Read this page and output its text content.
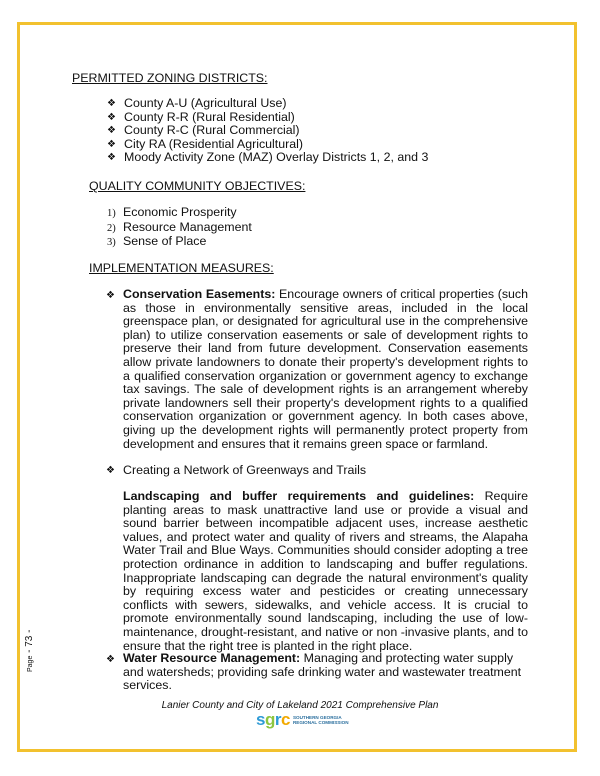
PERMITTED ZONING DISTRICTS:
❖ County A-U (Agricultural Use)
❖ County R-R (Rural Residential)
❖ County R-C (Rural Commercial)
❖ City RA (Residential Agricultural)
❖ Moody Activity Zone (MAZ) Overlay Districts 1, 2, and 3
QUALITY COMMUNITY OBJECTIVES:
1) Economic Prosperity
2) Resource Management
3) Sense of Place
IMPLEMENTATION MEASURES:
❖ Conservation Easements: Encourage owners of critical properties (such as those in environmentally sensitive areas, included in the local greenspace plan, or designated for agricultural use in the comprehensive plan) to utilize conservation easements or sale of development rights to preserve their land from future development. Conservation easements allow private landowners to donate their property's development rights to a qualified conservation organization or government agency to exchange tax savings. The sale of development rights is an arrangement whereby private landowners sell their property's development rights to a qualified conservation organization or government agency. In both cases above, giving up the development rights will permanently protect property from development and ensures that it remains green space or farmland.
❖ Creating a Network of Greenways and Trails
Landscaping and buffer requirements and guidelines: Require planting areas to mask unattractive land use or provide a visual and sound barrier between incompatible adjacent uses, increase aesthetic values, and protect water and quality of rivers and streams, the Alapaha Water Trail and Blue Ways. Communities should consider adopting a tree protection ordinance in addition to landscaping and buffer regulations. Inappropriate landscaping can degrade the natural environment's quality by requiring excess water and pesticides or creating unnecessary conflicts with sewers, sidewalks, and vehicle access. It is crucial to promote environmentally sound landscaping, including the use of low-maintenance, drought-resistant, and native or non -invasive plants, and to ensure that the right tree is planted in the right place.
❖ Water Resource Management: Managing and protecting water supply and watersheds; providing safe drinking water and wastewater treatment services.
Page - 73 -
Lanier County and City of Lakeland 2021 Comprehensive Plan
sgrc SOUTHERN GEORGIA
REGIONAL COMMISSION
